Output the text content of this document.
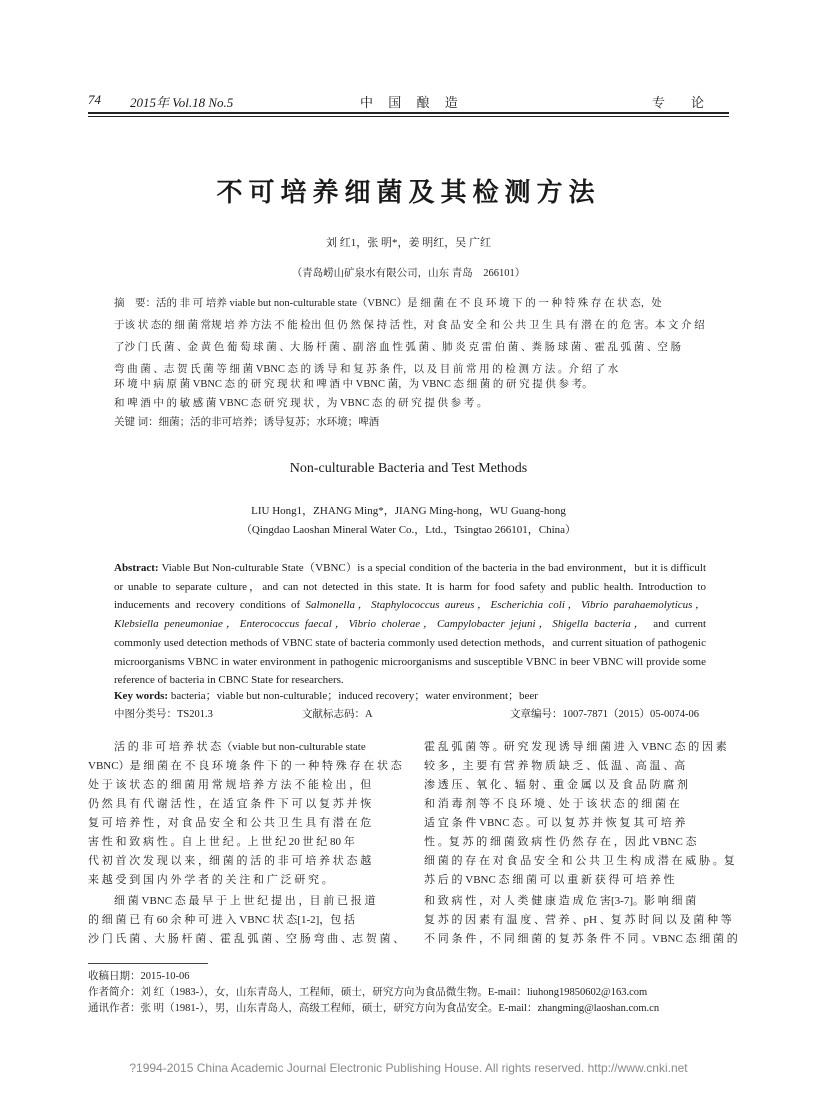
74 2015年 Vol.18 No.5	中 国 酿 造	专　　论
不可培养细菌及其检测方法
刘 红1，张 明*，姜 明红，吴 广红
（青岛崂山矿泉水有限公司，山东 青岛　266101）
摘　要：活的 非 可 培养 viable but non-culturable state（VBNC）是 细 菌 在 不 良 环 境 下 的 一 种 特 殊 存 在 状 态，处
于该 状 态的 细 菌 常规 培 养 方法 不 能 检出 但 仍 然 保 持 活 性，对 食 品 安 全 和 公 共 卫 生 具 有 潜 在 的 危 害。本 文 介 绍
了沙 门 氏 菌 、金 黄 色 葡 萄 球 菌 、大 肠 杆 菌 、副 溶 血 性 弧 菌 、肺 炎 克 雷 伯 菌 、粪 肠 球 菌 、霍 乱 弧 菌 、空 肠
弯 曲 菌 、志 贺 氏 菌 等 细 菌 VBNC 态 的 诱 导 和 复 苏 条 件，以 及 目 前 常 用 的 检 测 方 法 。介 绍 了 水
环 境 中 病 原 菌 VBNC 态 的 研 究 现 状 和 啤 酒 中 VBNC 菌，为 VBNC 态 细 菌 的 研 究 提 供 参 考。
和 啤 酒 中 的 敏 感 菌 VBNC 态 研 究 现 状 ，为 VBNC 态 的 研 究 提 供 参 考 。
关键 词：细菌；活的非可培养；诱导复苏；水环境；啤酒
Non-culturable Bacteria and Test Methods
LIU Hong1，ZHANG Ming*，JIANG Ming-hong，WU Guang-hong
（Qingdao Laoshan Mineral Water Co.，Ltd.，Tsingtao 266101，China）

Abstract: Viable But Non-culturable State（VBNC）is a special condition of the bacteria in the bad environment，but it is difficult or unable to separate culture，and can not detected in this state. It is harm for food safety and public health. Introduction to inducements and recovery conditions of Salmonella，Staphylococcus aureus，Escherichia coli，Vibrio parahaemolyticus，Klebsiella peneumoniae，Enterococcus faecal，Vibrio cholerae，Campylobacter jejuni，Shigella bacteria， and current commonly used detection methods of VBNC state of bacteria commonly used detection methods，and current situation of pathogenic microorganisms VBNC in water environment in pathogenic microorganisms and susceptible VBNC in beer VBNC will provide some reference of bacteria in CBNC State for researchers.

Key words: bacteria；viable but non-culturable；induced recovery；water environment；beer
中图分类号：TS201.3	文献标志码：A	文章编号：1007-7871（2015）05-0074-06
活 的 非 可 培 养 状 态（viable but non-culturable state
VBNC）是 细 菌 在 不 良 环 境 条 件 下 的 一 种 特 殊 存 在 状 态
处 于 该 状 态 的 细 菌 用 常 规 培 养 方 法 不 能 检 出 ，但
仍 然 具 有 代 谢 活 性 ，在 适 宜 条 件 下 可 以 复 苏 并 恢
复 可 培 养 性 ，对 食 品 安 全 和 公 共 卫 生 具 有 潜 在 危
害 性 和 致 病 性 。自 上 世 纪 。上 世 纪 20 世 纪 80 年
代 初 首 次 发 现 以 来 ，细 菌 的 活 的 非 可 培 养 状 态 越
来 越 受 到 国 内 外 学 者 的 关 注 和 广 泛 研 究 。
细 菌 VBNC 态 最 早 于 上 世 纪 提 出 ，目 前 已 报 道
的 细 菌 已 有 60 余 种 可 进 入 VBNC 状 态[1-2]，包 括
沙 门 氏 菌 、大 肠 杆 菌 、霍 乱 弧 菌 、空 肠 弯 曲 、志 贺 菌 、
霍 乱 弧 菌 等 。研 究 发 现 诱 导 细 菌 进 入 VBNC 态 的 因 素
较 多 ，主 要 有 营 养 物 质 缺 乏 、低 温 、高 温 、高
渗 透 压 、氧 化 、辐 射 、重 金 属 以 及 食 品 防 腐 剂
和 消 毒 剂 等 不 良 环 境 、处 于 该 状 态 的 细 菌 在
适 宜 条 件 VBNC 态 。可 以 复 苏 并 恢 复 其 可 培 养
性 。复 苏 的 细 菌 致 病 性 仍 然 存 在 ，因 此 VBNC 态
细 菌 的 存 在 对 食 品 安 全 和 公 共 卫 生 构 成 潜 在 威 胁 。复
苏 后 的 VBNC 态 细 菌 可 以 重 新 获 得 可 培 养 性
和 致 病 性 ，对 人 类 健 康 造 成 危 害[3-7]。影 响 细 菌
复 苏 的 因 素 有 温 度 、营 养 、pH 、复 苏 时 间 以 及 菌 种 等
不 同 条 件 ，不 同 细 菌 的 复 苏 条 件 不 同 。VBNC 态 细 菌 的
收稿日期：2015-10-06
作者简介：刘 红（1983-），女，山东青岛人，工程师，硕士，研究方向为食品微生物。E-mail：liuhong19850602@163.com
通讯作者：张 明（1981-），男，山东青岛人，高级工程师，硕士，研究方向为食品安全。E-mail：zhangming@laoshan.com.cn
?1994-2015 China Academic Journal Electronic Publishing House. All rights reserved. http://www.cnki.net
